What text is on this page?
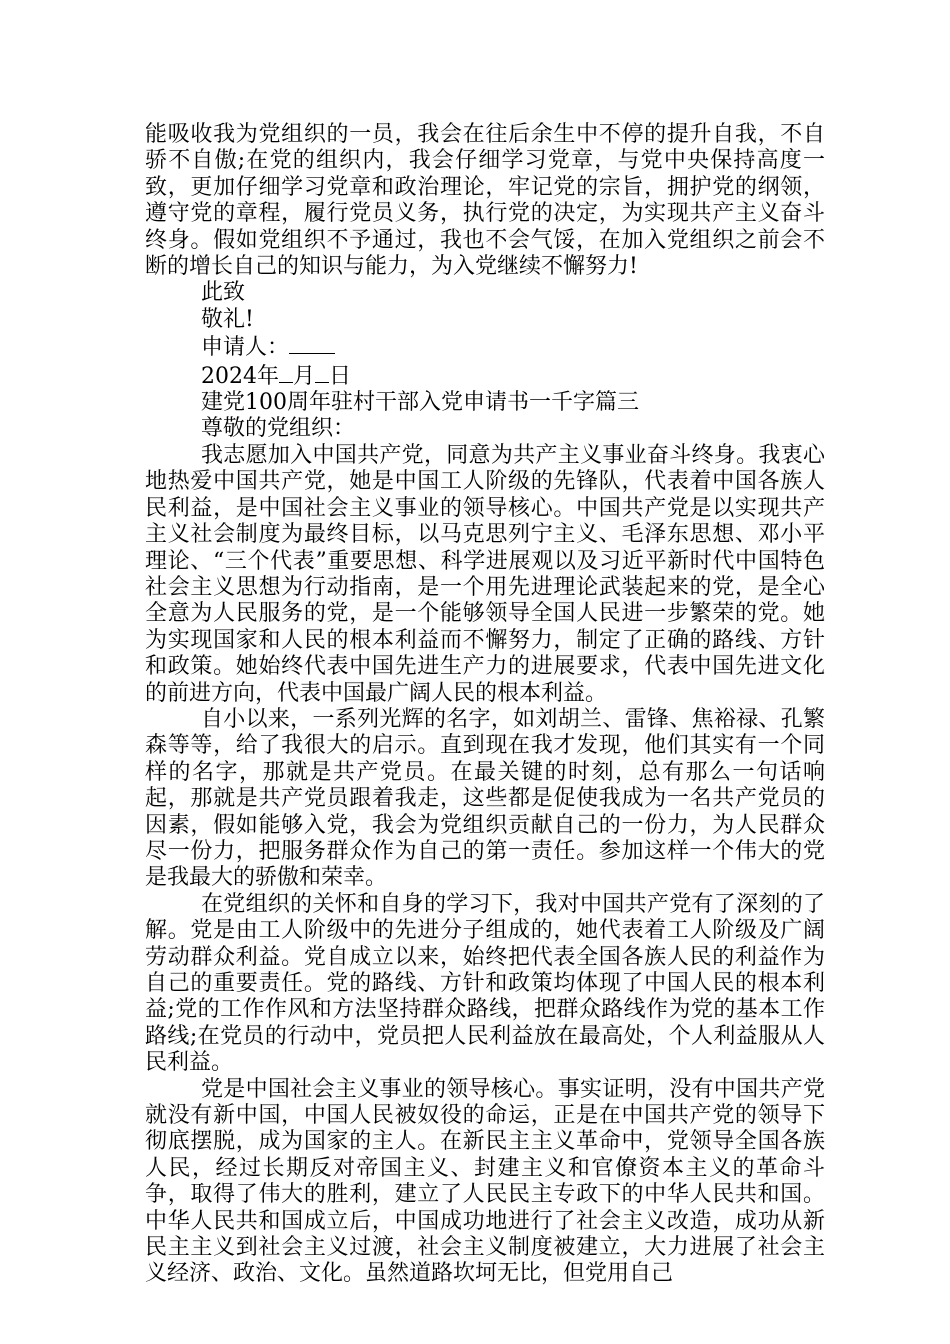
能吸收我为党组织的一员，我会在往后余生中不停的提升自我，不自骄不自傲;在党的组织内，我会仔细学习党章，与党中央保持高度一致，更加仔细学习党章和政治理论，牢记党的宗旨，拥护党的纲领，遵守党的章程，履行党员义务，执行党的决定，为实现共产主义奋斗终身。假如党组织不予通过，我也不会气馁，在加入党组织之前会不断的增长自己的知识与能力，为入党继续不懈努力!

此致

敬礼!

申请人：

2024年 月 日

建党100周年驻村干部入党申请书一千字篇三

尊敬的党组织：

我志愿加入中国共产党，同意为共产主义事业奋斗终身。我衷心地热爱中国共产党，她是中国工人阶级的先锋队，代表着中国各族人民利益，是中国社会主义事业的领导核心。中国共产党是以实现共产主义社会制度为最终目标，以马克思列宁主义、毛泽东思想、邓小平理论、“三个代表”重要思想、科学进展观以及习近平新时代中国特色社会主义思想为行动指南，是一个用先进理论武装起来的党，是全心全意为人民服务的党，是一个能够领导全国人民进一步繁荣的党。她为实现国家和人民的根本利益而不懈努力，制定了正确的路线、方针和政策。她始终代表中国先进生产力的进展要求，代表中国先进文化的前进方向，代表中国最广阔人民的根本利益。

自小以来，一系列光辉的名字，如刘胡兰、雷锋、焦裕禄、孔繁森等等，给了我很大的启示。直到现在我才发现，他们其实有一个同样的名字，那就是共产党员。在最关键的时刻，总有那么一句话响起，那就是共产党员跟着我走，这些都是促使我成为一名共产党员的因素，假如能够入党，我会为党组织贡献自己的一份力，为人民群众尽一份力，把服务群众作为自己的第一责任。参加这样一个伟大的党是我最大的骄傲和荣幸。

在党组织的关怀和自身的学习下，我对中国共产党有了深刻的了解。党是由工人阶级中的先进分子组成的，她代表着工人阶级及广阔劳动群众利益。党自成立以来，始终把代表全国各族人民的利益作为自己的重要责任。党的路线、方针和政策均体现了中国人民的根本利益;党的工作作风和方法坚持群众路线，把群众路线作为党的基本工作路线;在党员的行动中，党员把人民利益放在最高处，个人利益服从人民利益。

党是中国社会主义事业的领导核心。事实证明，没有中国共产党就没有新中国，中国人民被奴役的命运，正是在中国共产党的领导下彻底摆脱，成为国家的主人。在新民主主义革命中，党领导全国各族人民，经过长期反对帝国主义、封建主义和官僚资本主义的革命斗争，取得了伟大的胜利，建立了人民民主专政下的中华人民共和国。中华人民共和国成立后，中国成功地进行了社会主义改造，成功从新民主主义到社会主义过渡，社会主义制度被建立，大力进展了社会主义经济、政治、文化。虽然道路坎坷无比，但党用自己
